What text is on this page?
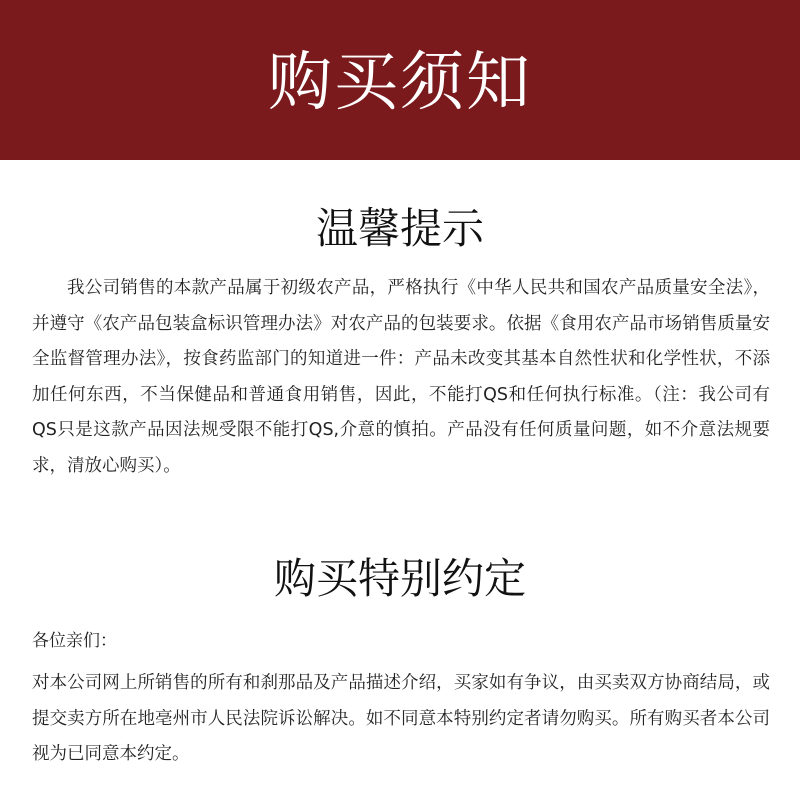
购买须知
温馨提示
我公司销售的本款产品属于初级农产品，严格执行《中华人民共和国农产品质量安全法》，并遵守《农产品包装盒标识管理办法》对农产品的包装要求。依据《食用农产品市场销售质量安全监督管理办法》，按食药监部门的知道进一件：产品未改变其基本自然性状和化学性状，不添加任何东西，不当保健品和普通食用销售，因此，不能打QS和任何执行标准。（注：我公司有QS只是这款产品因法规受限不能打QS,介意的慎拍。产品没有任何质量问题，如不介意法规要求，清放心购买）。
购买特别约定
各位亲们：
对本公司网上所销售的所有和刹那品及产品描述介绍，买家如有争议，由买卖双方协商结局，或提交卖方所在地亳州市人民法院诉讼解决。如不同意本特别约定者请勿购买。所有购买者本公司视为已同意本约定。
